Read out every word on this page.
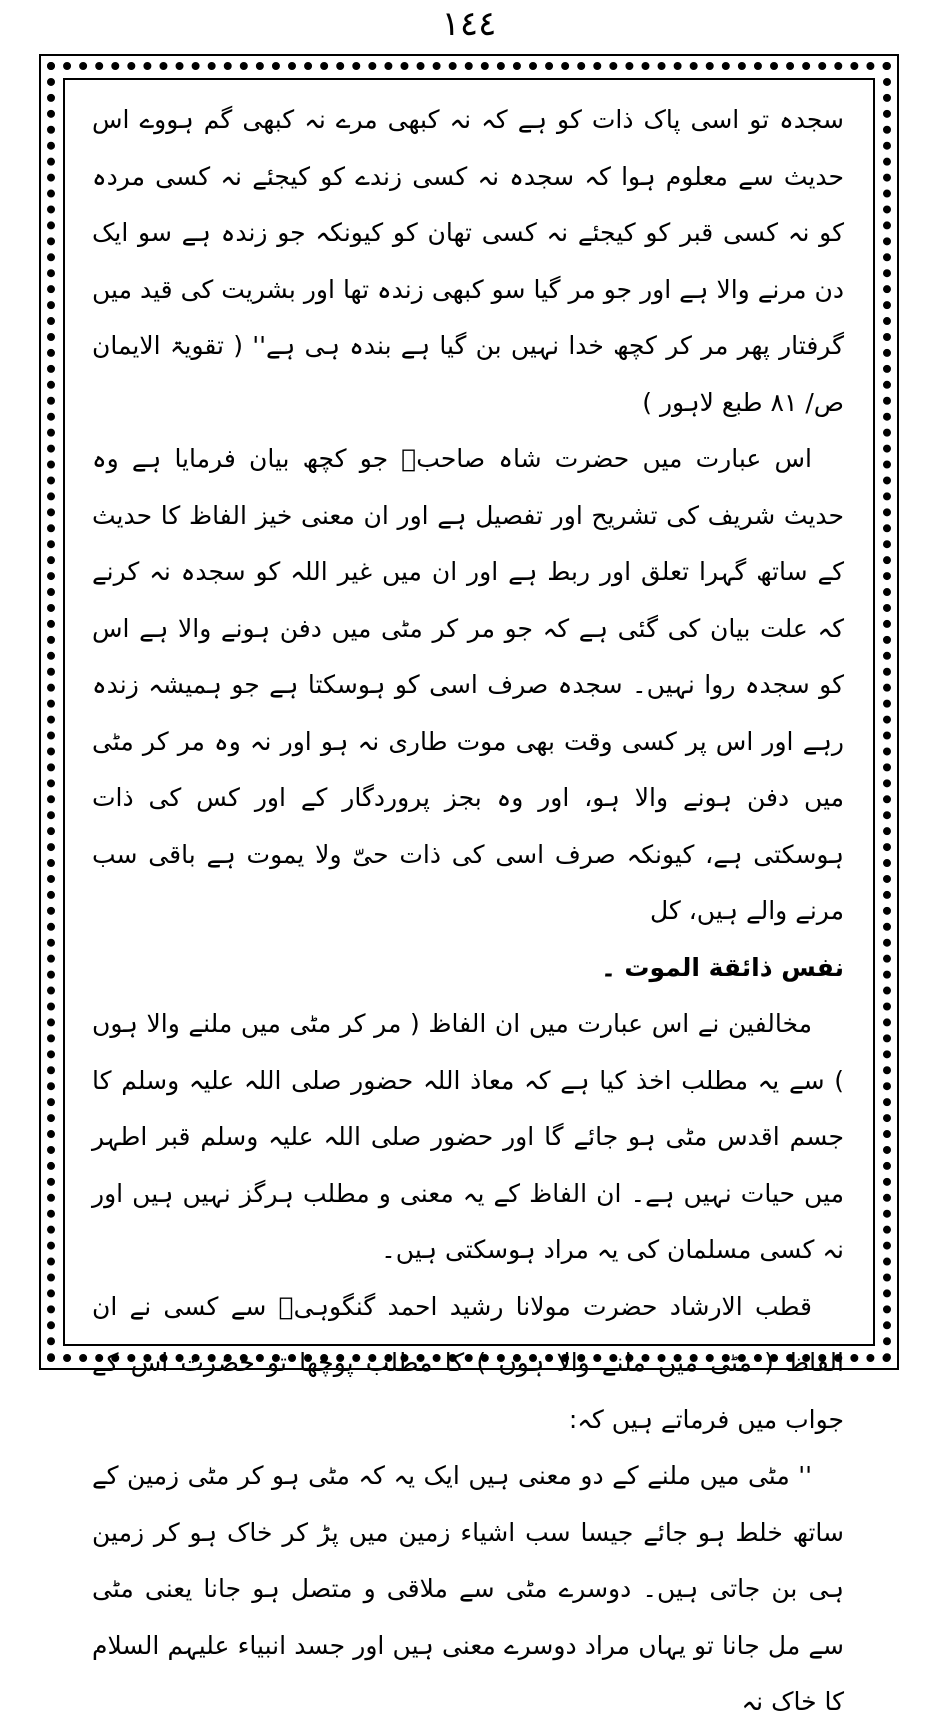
١٤٤

سجدہ تو اسی پاک ذات کو ہے کہ نہ کبھی مرے نہ کبھی گم ہووے اس حدیث سے معلوم ہوا کہ سجدہ نہ کسی زندے کو کیجئے نہ کسی مردہ کو نہ کسی قبر کو کیجئے نہ کسی تھان کو کیونکہ جو زندہ ہے سو ایک دن مرنے والا ہے اور جو مر گیا سو کبھی زندہ تھا اور بشریت کی قید میں گرفتار پھر مر کر کچھ خدا نہیں بن گیا ہے بندہ ہی ہے'' ( تقویۃ الایمان ص/ ۸۱ طبع لاہور )

اس عبارت میں حضرت شاہ صاحبؒ جو کچھ بیان فرمایا ہے وہ حدیث شریف کی تشریح اور تفصیل ہے اور ان معنی خیز الفاظ کا حدیث کے ساتھ گہرا تعلق اور ربط ہے اور ان میں غیر اللہ کو سجدہ نہ کرنے کہ علت بیان کی گئی ہے کہ جو مر کر مٹی میں دفن ہونے والا ہے اس کو سجدہ روا نہیں۔ سجدہ صرف اسی کو ہوسکتا ہے جو ہمیشہ زندہ رہے اور اس پر کسی وقت بھی موت طاری نہ ہو اور نہ وہ مر کر مٹی میں دفن ہونے والا ہو، اور وہ بجز پروردگار کے اور کس کی ذات ہوسکتی ہے، کیونکہ صرف اسی کی ذات حیّ ولا یموت ہے باقی سب مرنے والے ہیں، کل

نفس ذائقة الموت ۔

مخالفین نے اس عبارت میں ان الفاظ ( مر کر مٹی میں ملنے والا ہوں ) سے یہ مطلب اخذ کیا ہے کہ معاذ اللہ حضور صلی اللہ علیہ وسلم کا جسم اقدس مٹی ہو جائے گا اور حضور صلی اللہ علیہ وسلم قبر اطہر میں حیات نہیں ہے۔ ان الفاظ کے یہ معنی و مطلب ہرگز نہیں ہیں اور نہ کسی مسلمان کی یہ مراد ہوسکتی ہیں۔

قطب الارشاد حضرت مولانا رشید احمد گنگوہیؒ سے کسی نے ان الفاظ ( مٹی میں ملنے والا ہوں ) کا مطلب پوچھا تو حضرت اس کے جواب میں فرماتے ہیں کہ:

'' مٹی میں ملنے کے دو معنی ہیں ایک یہ کہ مٹی ہو کر مٹی زمین کے ساتھ خلط ہو جائے جیسا سب اشیاء زمین میں پڑ کر خاک ہو کر زمین ہی بن جاتی ہیں۔ دوسرے مٹی سے ملاقی و متصل ہو جانا یعنی مٹی سے مل جانا تو یہاں مراد دوسرے معنی ہیں اور جسد انبیاء علیہم السلام کا خاک نہ
